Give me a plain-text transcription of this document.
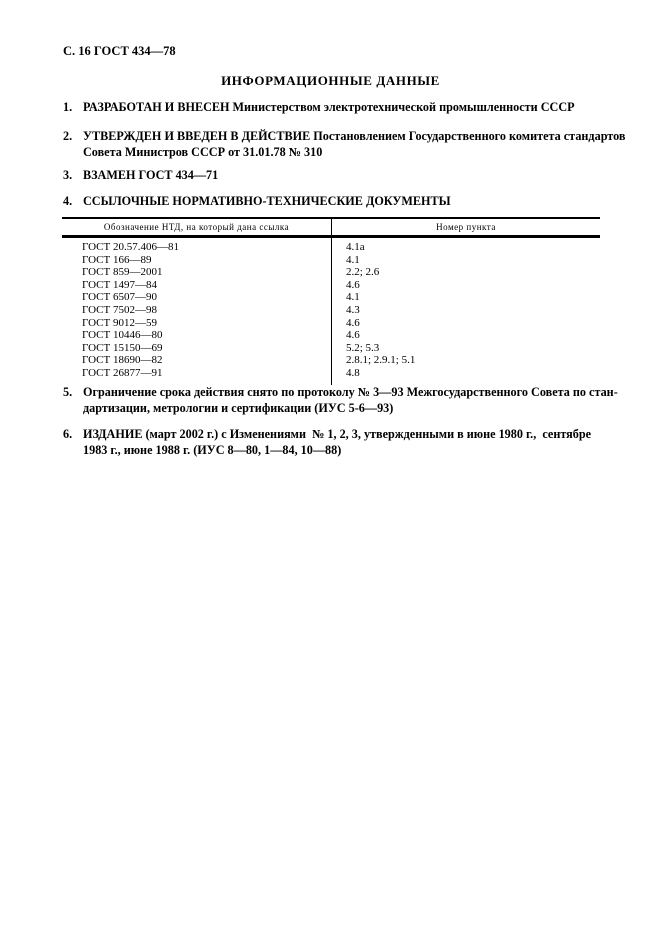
С. 16 ГОСТ 434—78
ИНФОРМАЦИОННЫЕ ДАННЫЕ
1. РАЗРАБОТАН И ВНЕСЕН Министерством электротехнической промышленности СССР
2. УТВЕРЖДЕН И ВВЕДЕН В ДЕЙСТВИЕ Постановлением Государственного комитета стандартов
Совета Министров СССР от 31.01.78 № 310
3. ВЗАМЕН ГОСТ 434—71
4. ССЫЛОЧНЫЕ НОРМАТИВНО-ТЕХНИЧЕСКИЕ ДОКУМЕНТЫ
Обозначение НТД, на который дана ссылка	Номер пункта
ГОСТ 20.57.406—81
ГОСТ 166—89
ГОСТ 859—2001
ГОСТ 1497—84
ГОСТ 6507—90
ГОСТ 7502—98
ГОСТ 9012—59
ГОСТ 10446—80
ГОСТ 15150—69
ГОСТ 18690—82
ГОСТ 26877—91
4.1а
4.1
2.2; 2.6
4.6
4.1
4.3
4.6
4.6
5.2; 5.3
2.8.1; 2.9.1; 5.1
4.8
5. Ограничение срока действия снято по протоколу № 3—93 Межгосударственного Совета по стан-
дартизации, метрологии и сертификации (ИУС 5-6—93)
6. ИЗДАНИЕ (март 2002 г.) с Изменениями  № 1, 2, 3, утвержденными в июне 1980 г.,  сентябре
1983 г., июне 1988 г. (ИУС 8—80, 1—84, 10—88)
